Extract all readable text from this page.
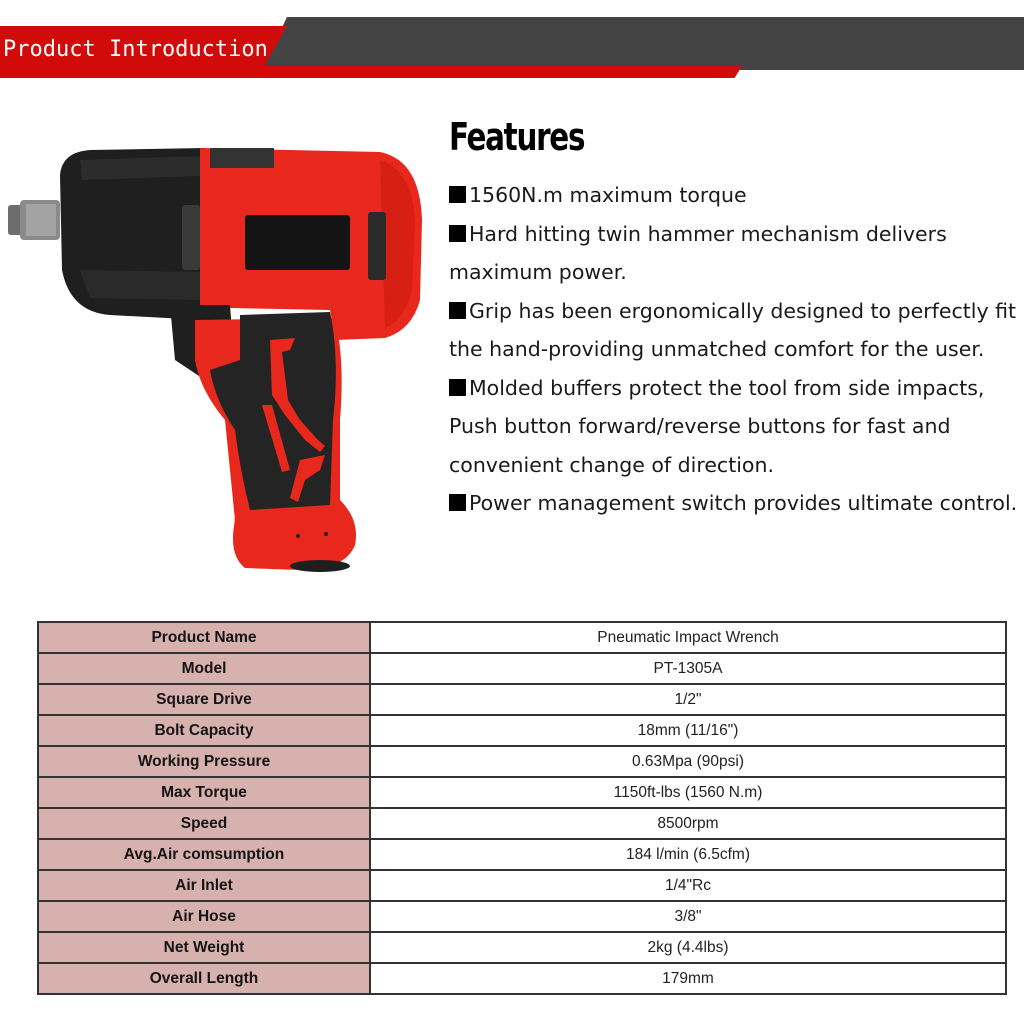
Product Introduction
Features
1560N.m maximum torque
Hard hitting twin hammer mechanism delivers maximum power.
Grip has been ergonomically designed to perfectly fit the hand-providing unmatched comfort for the user.
Molded buffers protect the tool from side impacts, Push button forward/reverse buttons for fast and convenient change of direction.
Power management switch provides ultimate control.
Product Name	Pneumatic Impact Wrench
Model	PT-1305A
Square Drive	1/2"
Bolt Capacity	18mm (11/16")
Working Pressure	0.63Mpa (90psi)
Max Torque	1150ft-lbs (1560 N.m)
Speed	8500rpm
Avg.Air comsumption	184 l/min (6.5cfm)
Air Inlet	1/4"Rc
Air Hose	3/8"
Net Weight	2kg (4.4lbs)
Overall Length	179mm
